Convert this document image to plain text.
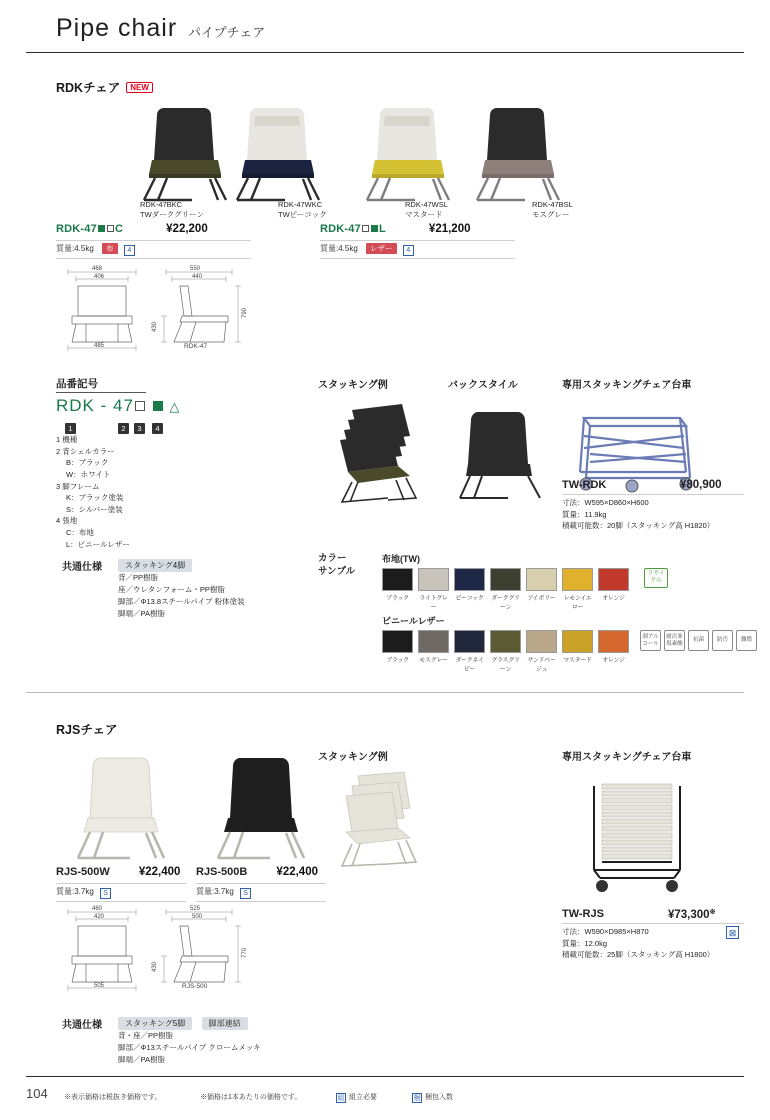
Pipe chair パイプチェア
RDKチェア NEW
RDK-47BKC
TWダークグリーン
RDK-47WKC
TWピーコック
RDK-47WSL
マスタード
RDK-47BSL
モスグレー
RDK-47 C	¥22,200
質量:4.5kg 布 4
RDK-47 L	¥21,200
質量:4.5kg レザー 4
468
406
550
440
430
790
485	RDK-47
品番記号
RDK - 47	△
1	2	3	4
1 機種
2 背シェルカラー
B：ブラック
W：ホワイト
3 脚フレーム
K：ブラック塗装
S：シルバー塗装
4 張地
C：布地
L：ビニールレザー
スタッキング例	バックスタイル	専用スタッキングチェア台車
TW-RDK	¥80,900
寸法：W595×D860×H600
質量：11.9kg
積載可能数：20脚（スタッキング高 H1820）
共通仕様	スタッキング4脚
背／PP樹脂
座／ウレタンフォーム・PP樹脂
脚部／Φ13.8スチールパイプ 粉体塗装
脚端／PA樹脂
カラー
サンプル
布地(TW)
ブラック	ライトグレー
ピーコック ダークグリーン
アイボリー レモンイエロー
オレンジ
リサイクル
ビニールレザー
ブラック	モスグレー ダークネイビー
グラスグリーン
サンドベージュ
マスタード	オレンジ
制アルコール
耐次亜塩素酸
抗菌	防汚	難燃
RJSチェア
スタッキング例
RJS-500W	¥22,400
質量:3.7kg S
RJS-500B	¥22,400
質量:3.7kg S
460
420
525
500
430
770
505	RJS-500
専用スタッキングチェア台車
TW-RJS	¥73,300※
寸法：W590×D985×H870
質量：12.0kg
積載可能数：25脚（スタッキング高 H1800）
⊠
共通仕様	スタッキング5脚	脚部連結
背・座／PP樹脂
脚部／Φ13スチールパイプ クロームメッキ
脚端／PA樹脂
104 ※表示価格は税抜き価格です。	※価格は1本あたりの価格です。	組 組立必要	梱 梱包入数
